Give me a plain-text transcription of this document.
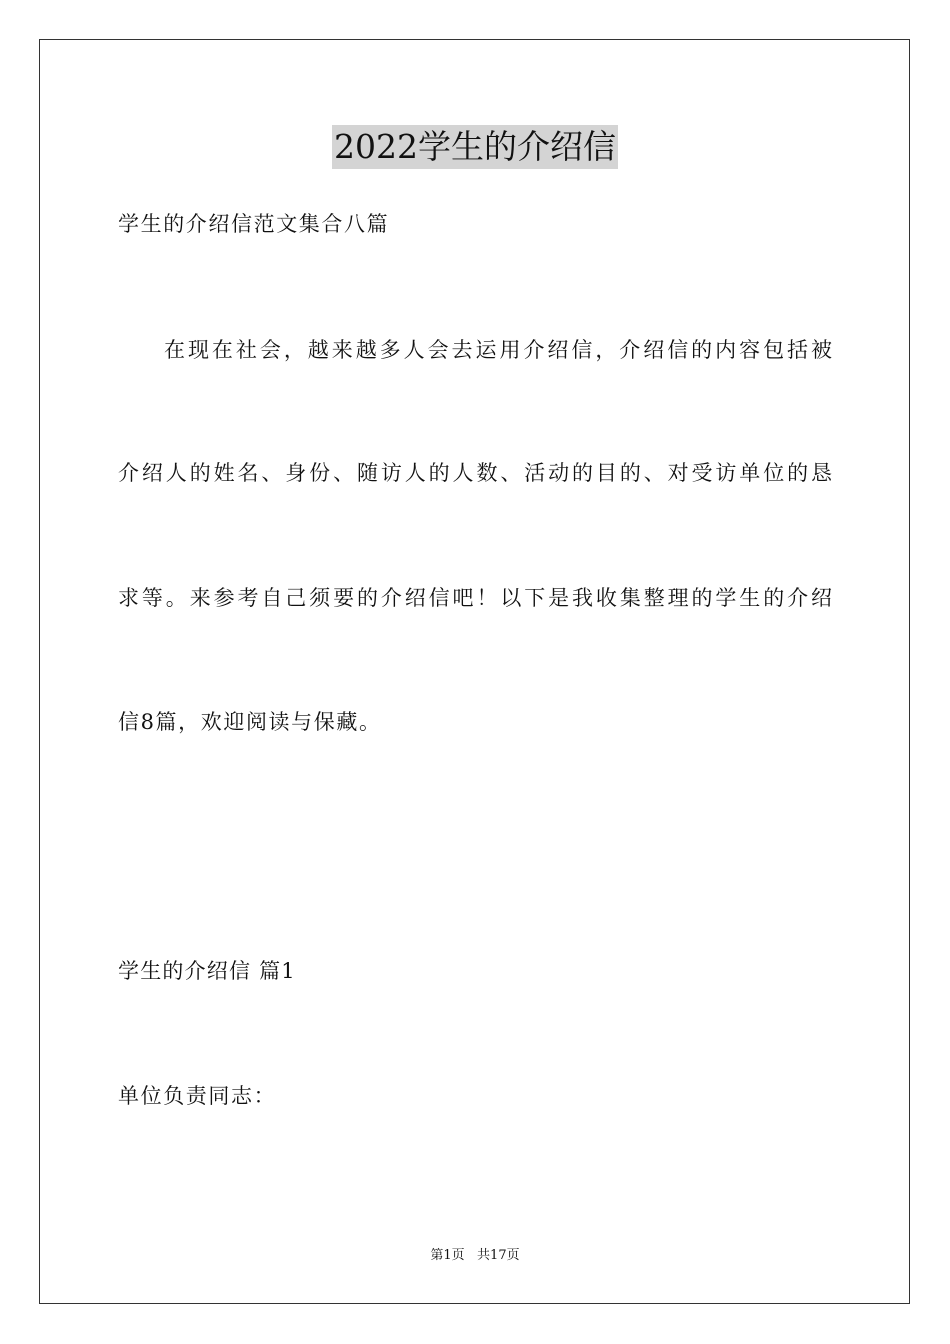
2022学生的介绍信
学生的介绍信范文集合八篇
在现在社会，越来越多人会去运用介绍信，介绍信的内容包括被
介绍人的姓名、身份、随访人的人数、活动的目的、对受访单位的恳
求等。来参考自己须要的介绍信吧！以下是我收集整理的学生的介绍
信8篇，欢迎阅读与保藏。
学生的介绍信 篇1
单位负责同志：
第1页   共17页
